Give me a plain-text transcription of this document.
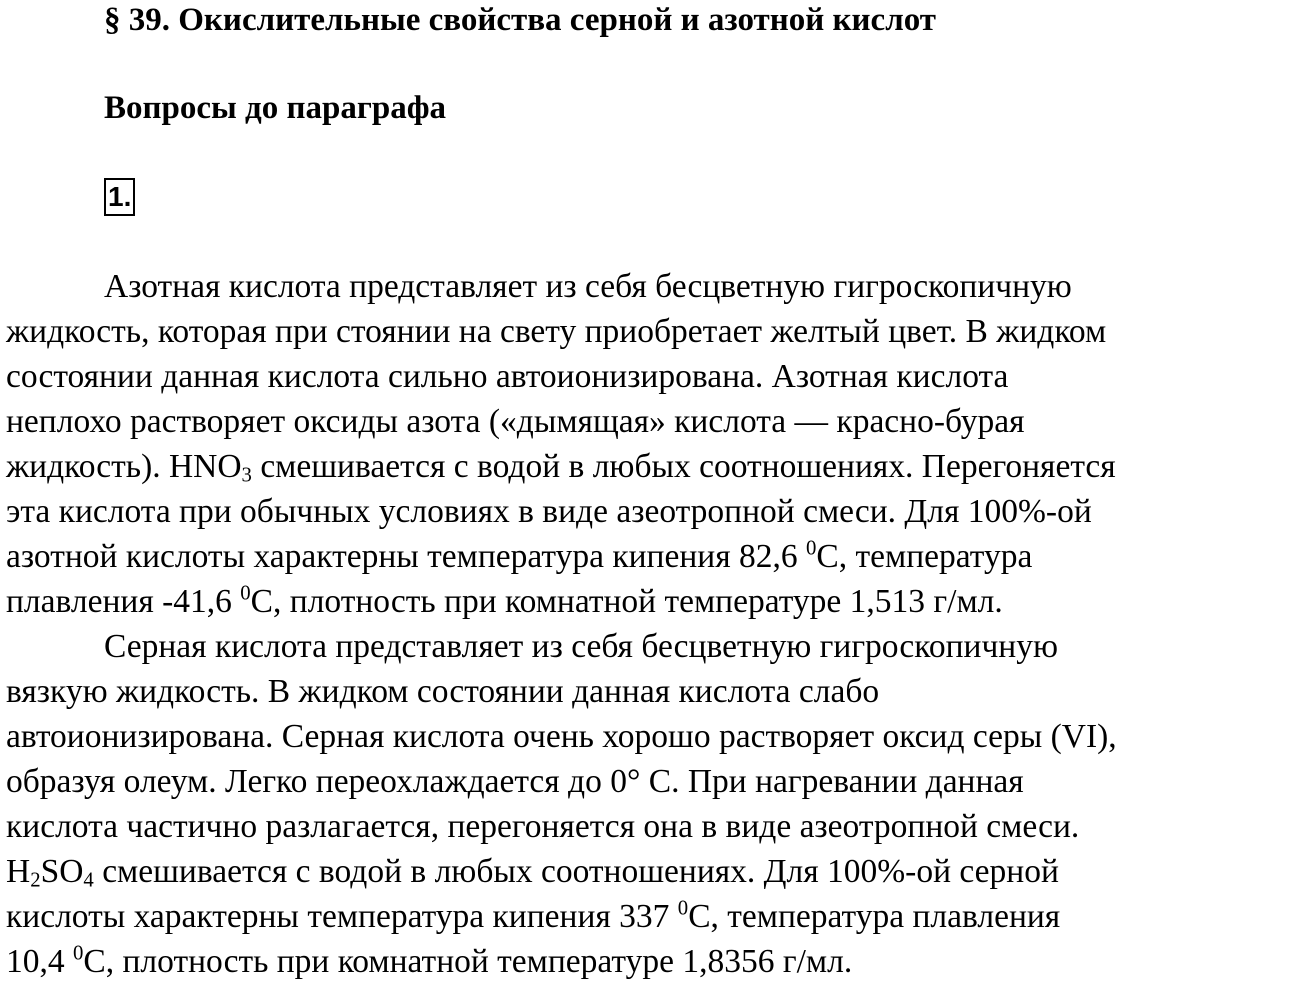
§ 39. Окислительные свойства серной и азотной кислот
Вопросы до параграфа
1.
Азотная кислота представляет из себя бесцветную гигроскопичную
жидкость, которая при стоянии на свету приобретает желтый цвет. В жидком
состоянии данная кислота сильно автоионизирована. Азотная кислота
неплохо растворяет оксиды азота («дымящая» кислота — красно-бурая
жидкость). $HNO_3$ смешивается с водой в любых соотношениях. Перегоняется
эта кислота при обычных условиях в виде азеотропной смеси. Для 100%-ой
азотной кислоты характерны температура кипения 82,6 $^0$С, температура
плавления -41,6 $^0$С, плотность при комнатной температуре 1,513 г/мл.
Серная кислота представляет из себя бесцветную гигроскопичную
вязкую жидкость. В жидком состоянии данная кислота слабо
автоионизирована. Серная кислота очень хорошо растворяет оксид серы (VI),
образуя олеум. Легко переохлаждается до 0° С. При нагревании данная
кислота частично разлагается, перегоняется она в виде азеотропной смеси.
$H_2SO_4$ смешивается с водой в любых соотношениях. Для 100%-ой серной
кислоты характерны температура кипения 337 $^0$С, температура плавления
10,4 $^0$С, плотность при комнатной температуре 1,8356 г/мл.
